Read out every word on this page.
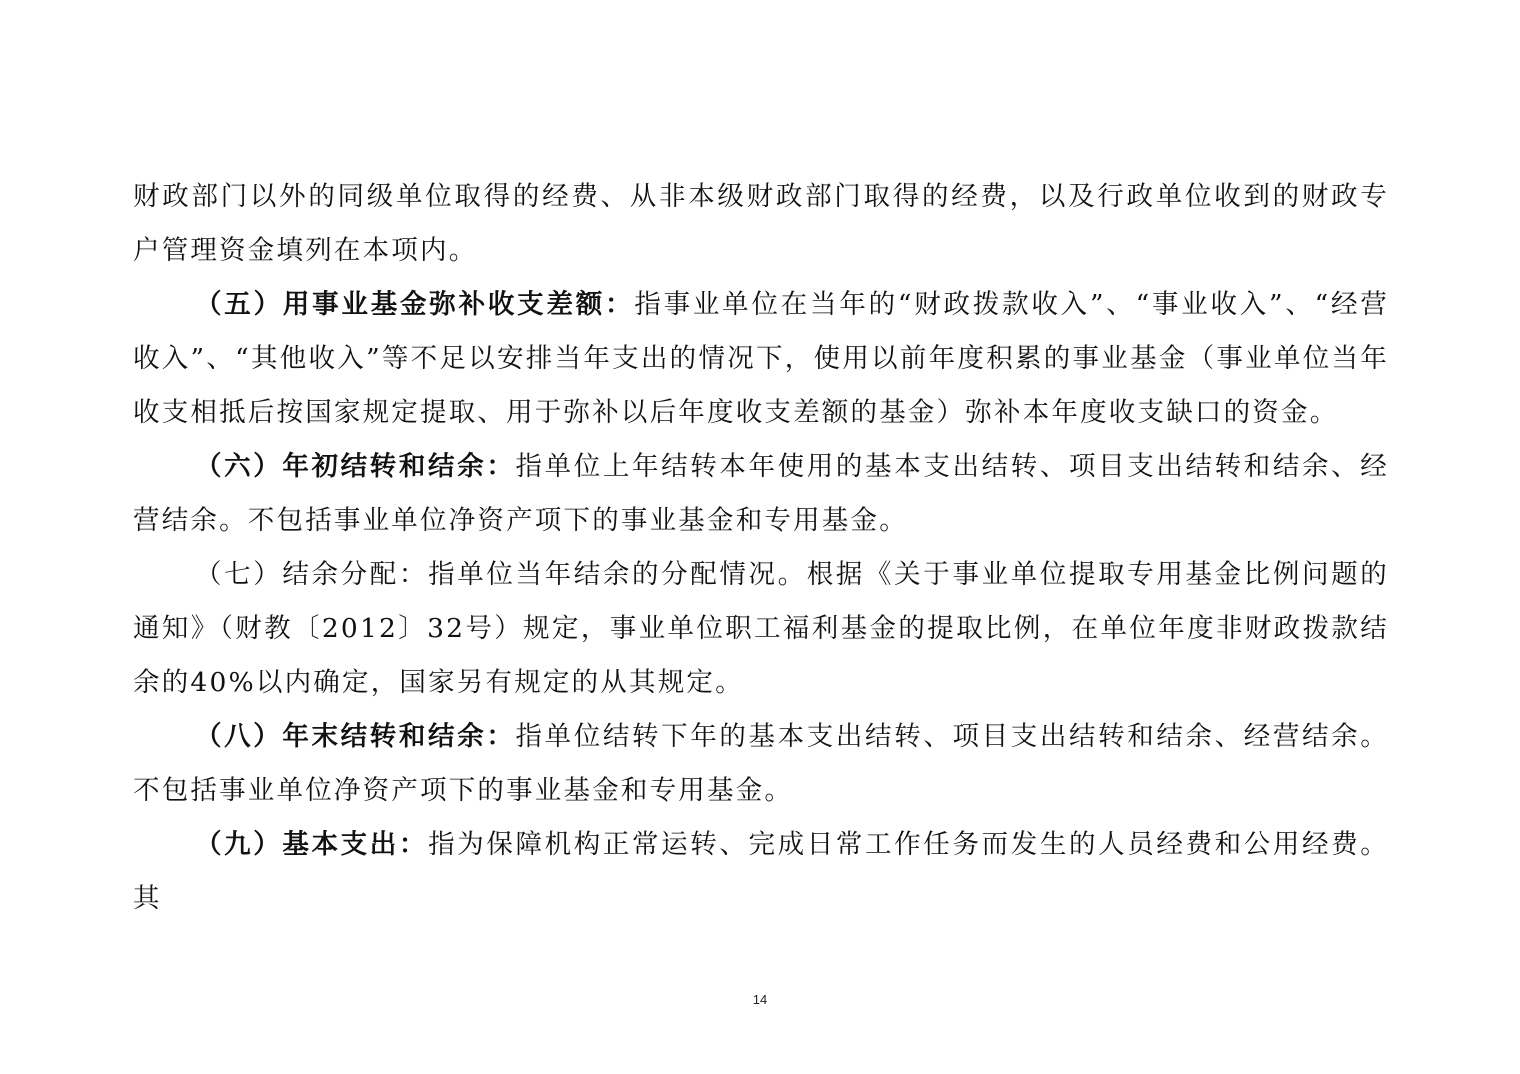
财政部门以外的同级单位取得的经费、从非本级财政部门取得的经费，以及行政单位收到的财政专户管理资金填列在本项内。

（五）用事业基金弥补收支差额：指事业单位在当年的“财政拨款收入”、“事业收入”、“经营收入”、“其他收入”等不足以安排当年支出的情况下，使用以前年度积累的事业基金（事业单位当年收支相抵后按国家规定提取、用于弥补以后年度收支差额的基金）弥补本年度收支缺口的资金。

（六）年初结转和结余：指单位上年结转本年使用的基本支出结转、项目支出结转和结余、经营结余。不包括事业单位净资产项下的事业基金和专用基金。

（七）结余分配：指单位当年结余的分配情况。根据《关于事业单位提取专用基金比例问题的通知》（财教〔2012〕32号）规定，事业单位职工福利基金的提取比例，在单位年度非财政拨款结余的40%以内确定，国家另有规定的从其规定。

（八）年末结转和结余：指单位结转下年的基本支出结转、项目支出结转和结余、经营结余。不包括事业单位净资产项下的事业基金和专用基金。

（九）基本支出：指为保障机构正常运转、完成日常工作任务而发生的人员经费和公用经费。其

14
